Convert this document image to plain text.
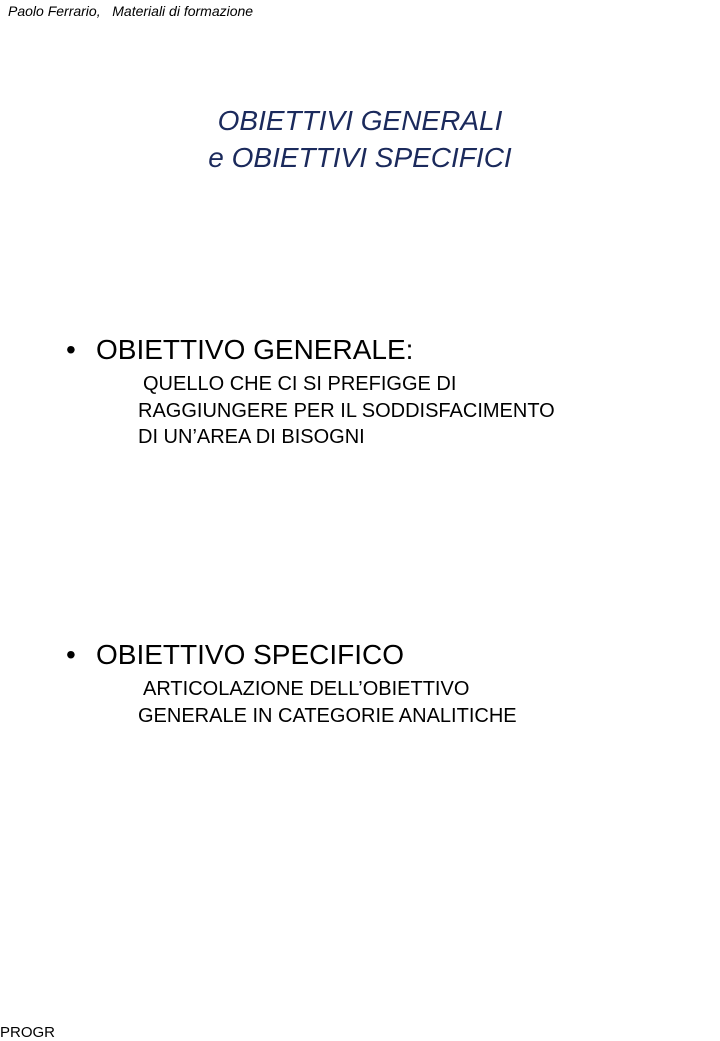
Paolo Ferrario,   Materiali di formazione
OBIETTIVI GENERALI
e OBIETTIVI SPECIFICI
• OBIETTIVO GENERALE:
QUELLO CHE CI SI PREFIGGE DI
RAGGIUNGERE PER IL SODDISFACIMENTO
DI UN’AREA DI BISOGNI
• OBIETTIVO SPECIFICO
ARTICOLAZIONE DELL’OBIETTIVO
GENERALE IN CATEGORIE ANALITICHE
PROGR
